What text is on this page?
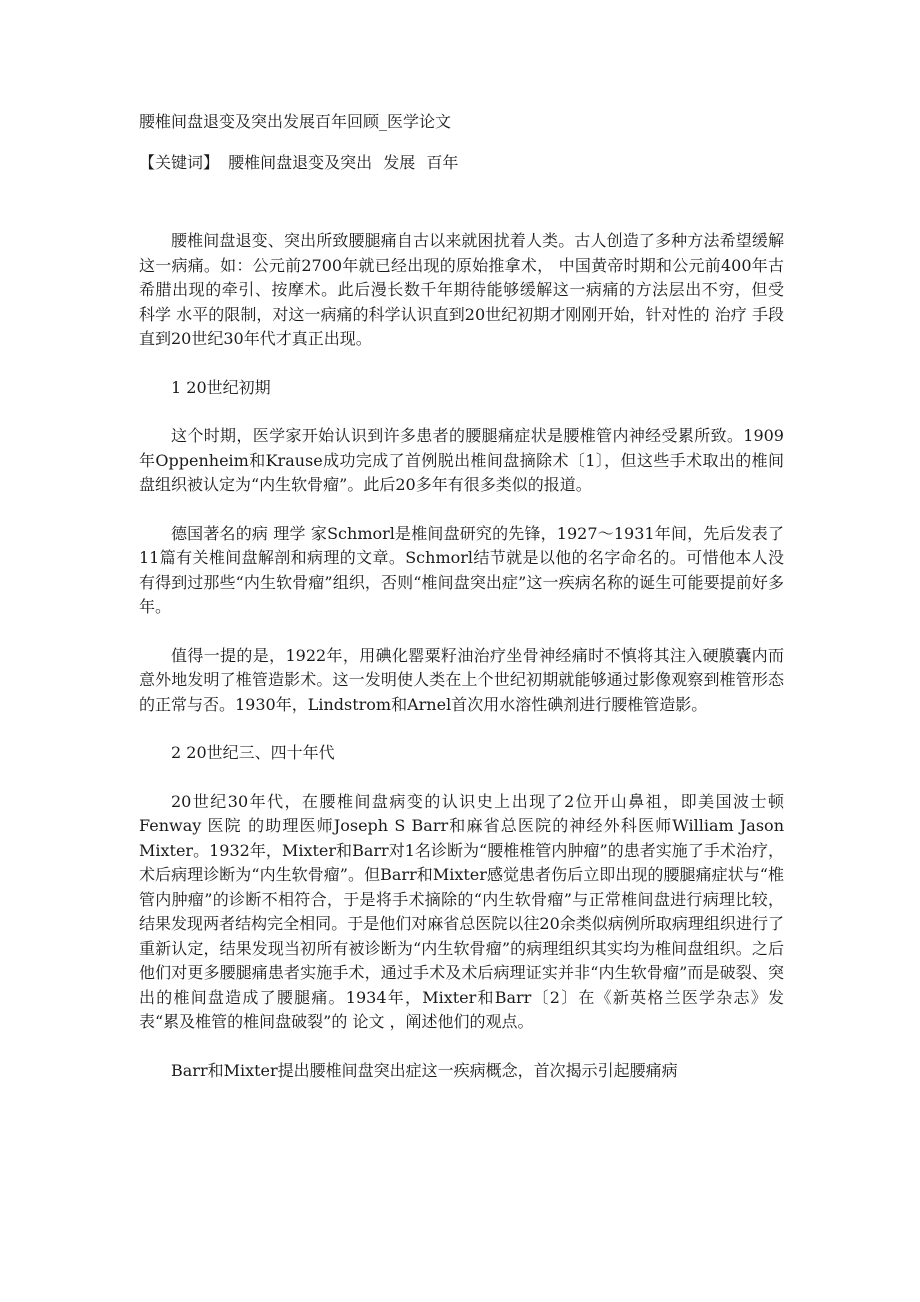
腰椎间盘退变及突出发展百年回顾_医学论文
【关键词】 腰椎间盘退变及突出 发展 百年

腰椎间盘退变、突出所致腰腿痛自古以来就困扰着人类。古人创造了多种方法希望缓解这一病痛。如：公元前2700年就已经出现的原始推拿术， 中国黄帝时期和公元前400年古希腊出现的牵引、按摩术。此后漫长数千年期待能够缓解这一病痛的方法层出不穷，但受 科学 水平的限制，对这一病痛的科学认识直到20世纪初期才刚刚开始，针对性的 治疗 手段直到20世纪30年代才真正出现。

1 20世纪初期

这个时期，医学家开始认识到许多患者的腰腿痛症状是腰椎管内神经受累所致。1909年Oppenheim和Krause成功完成了首例脱出椎间盘摘除术〔1〕，但这些手术取出的椎间盘组织被认定为“内生软骨瘤”。此后20多年有很多类似的报道。

德国著名的病 理学 家Schmorl是椎间盘研究的先锋，1927～1931年间，先后发表了11篇有关椎间盘解剖和病理的文章。Schmorl结节就是以他的名字命名的。可惜他本人没有得到过那些“内生软骨瘤”组织，否则“椎间盘突出症”这一疾病名称的诞生可能要提前好多年。

值得一提的是，1922年，用碘化罂粟籽油治疗坐骨神经痛时不慎将其注入硬膜囊内而意外地发明了椎管造影术。这一发明使人类在上个世纪初期就能够通过影像观察到椎管形态的正常与否。1930年，Lindstrom和Arnel首次用水溶性碘剂进行腰椎管造影。

2 20世纪三、四十年代

20世纪30年代，在腰椎间盘病变的认识史上出现了2位开山鼻祖，即美国波士顿Fenway 医院 的助理医师Joseph S Barr和麻省总医院的神经外科医师William Jason Mixter。1932年，Mixter和Barr对1名诊断为“腰椎椎管内肿瘤”的患者实施了手术治疗，术后病理诊断为“内生软骨瘤”。但Barr和Mixter感觉患者伤后立即出现的腰腿痛症状与“椎管内肿瘤”的诊断不相符合，于是将手术摘除的“内生软骨瘤”与正常椎间盘进行病理比较，结果发现两者结构完全相同。于是他们对麻省总医院以往20余类似病例所取病理组织进行了重新认定，结果发现当初所有被诊断为“内生软骨瘤”的病理组织其实均为椎间盘组织。之后他们对更多腰腿痛患者实施手术，通过手术及术后病理证实并非“内生软骨瘤”而是破裂、突出的椎间盘造成了腰腿痛。1934年，Mixter和Barr〔2〕在《新英格兰医学杂志》发表“累及椎管的椎间盘破裂”的 论文 ，阐述他们的观点。

Barr和Mixter提出腰椎间盘突出症这一疾病概念，首次揭示引起腰痛病
